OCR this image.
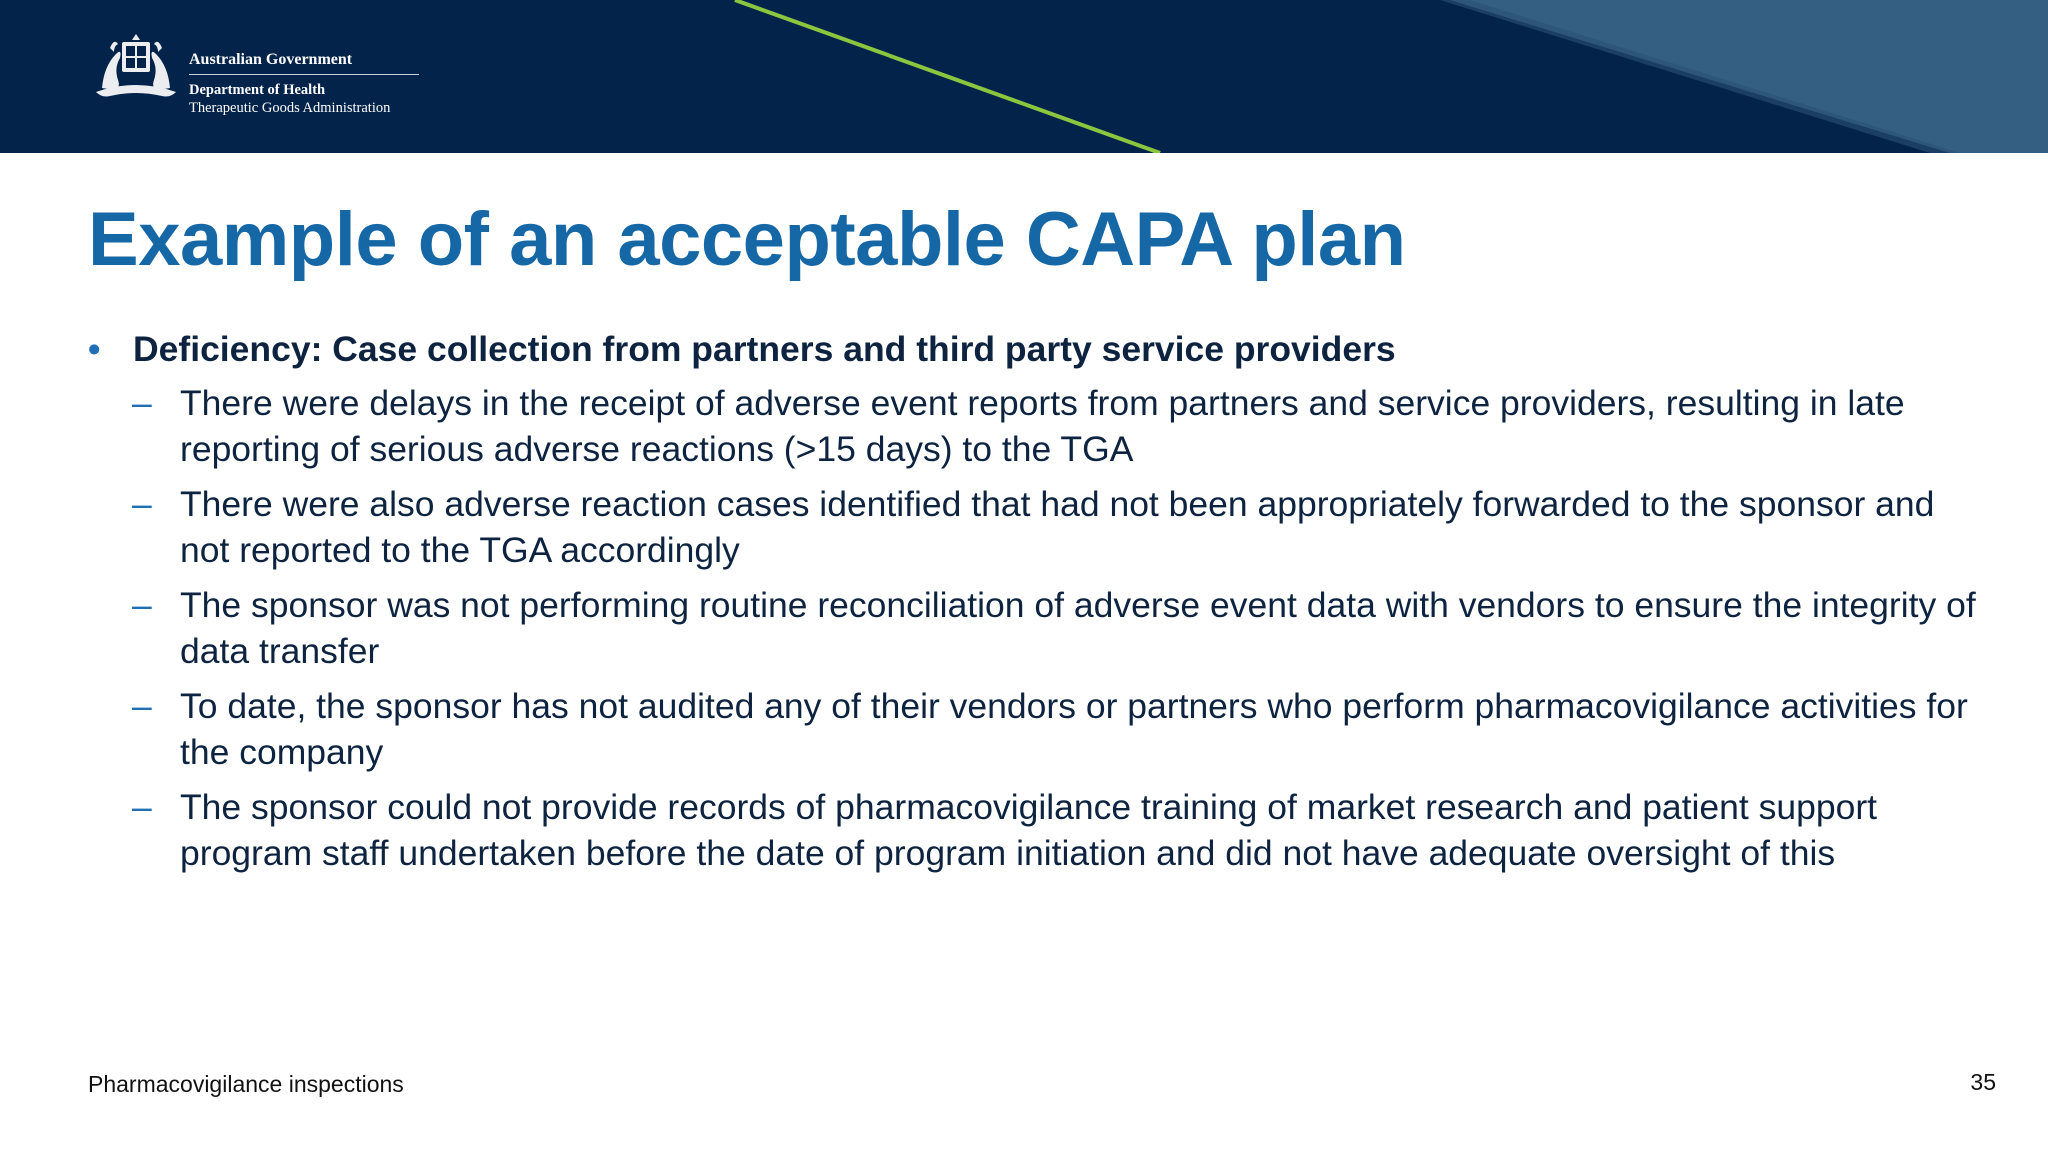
Australian Government
Department of Health
Therapeutic Goods Administration
Example of an acceptable CAPA plan
• Deficiency: Case collection from partners and third party service providers
– There were delays in the receipt of adverse event reports from partners and service providers, resulting in late reporting of serious adverse reactions (>15 days) to the TGA
– There were also adverse reaction cases identified that had not been appropriately forwarded to the sponsor and not reported to the TGA accordingly
– The sponsor was not performing routine reconciliation of adverse event data with vendors to ensure the integrity of data transfer
– To date, the sponsor has not audited any of their vendors or partners who perform pharmacovigilance activities for the company
– The sponsor could not provide records of pharmacovigilance training of market research and patient support program staff undertaken before the date of program initiation and did not have adequate oversight of this
Pharmacovigilance inspections	35
